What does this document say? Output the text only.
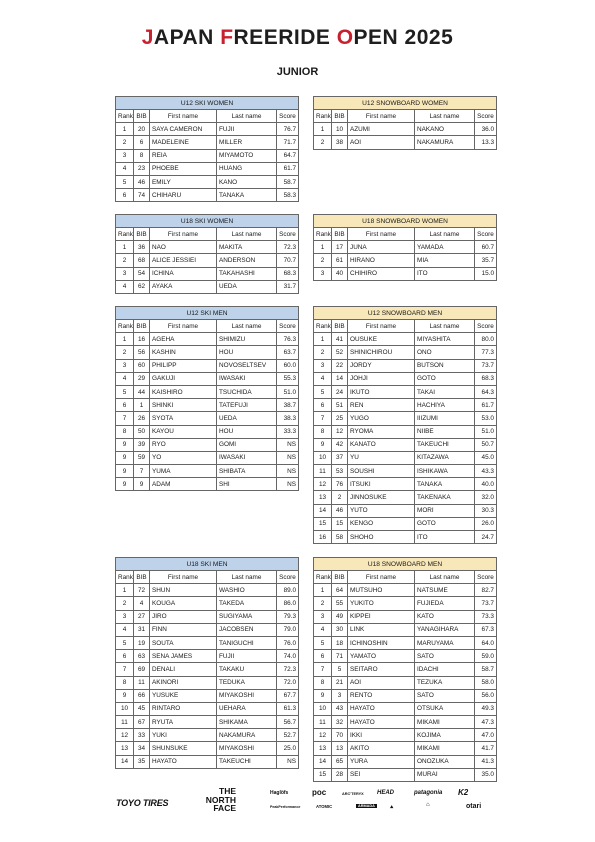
JAPAN FREERIDE OPEN 2025
JUNIOR
U12 SKI WOMEN				
Rank	BIB	First name	Last name	Score
1	20	SAYA CAMERON	FUJII	76.7
2	6	MADELEINE	MILLER	71.7
3	8	REIA	MIYAMOTO	64.7
4	23	PHOEBE	HUANG	61.7
5	46	EMILY	KANO	58.7
6	74	CHIHARU	TANAKA	58.3
U12 SNOWBOARD WOMEN				
Rank	BIB	First name	Last name	Score
1	10	AZUMI	NAKANO	36.0
2	38	AOI	NAKAMURA	13.3
U18 SKI WOMEN				
Rank	BIB	First name	Last name	Score
1	36	NAO	MAKITA	72.3
2	68	ALICE JESSIEI	ANDERSON	70.7
3	54	ICHINA	TAKAHASHI	68.3
4	62	AYAKA	UEDA	31.7
U18 SNOWBOARD WOMEN				
Rank	BIB	First name	Last name	Score
1	17	JUNA	YAMADA	60.7
2	61	HIRANO	MIA	35.7
3	40	CHIHIRO	ITO	15.0
U12 SKI MEN				
Rank	BIB	First name	Last name	Score
1	16	AGEHA	SHIMIZU	76.3
2	56	KASHIN	HOU	63.7
3	60	PHILIPP	NOVOSELTSEV	60.0
4	29	GAKUJI	IWASAKI	55.3
5	44	KAISHIRO	TSUCHIDA	51.0
6	1	SHINKI	TATEFUJI	38.7
7	26	SYOTA	UEDA	38.3
8	50	KAYOU	HOU	33.3
9	39	RYO	GOMI	NS
9	59	YO	IWASAKI	NS
9	7	YUMA	SHIBATA	NS
9	9	ADAM	SHI	NS
U12 SNOWBOARD MEN				
Rank	BIB	First name	Last name	Score
1	41	OUSUKE	MIYASHITA	80.0
2	52	SHINICHIROU	ONO	77.3
3	22	JORDY	BUTSON	73.7
4	14	JOHJI	GOTO	68.3
5	24	IKUTO	TAKAI	64.3
6	51	REN	HACHIYA	61.7
7	25	YUGO	IIIZUMI	53.0
8	12	RYOMA	NIIBE	51.0
9	42	KANATO	TAKEUCHI	50.7
10	37	YU	KITAZAWA	45.0
11	53	SOUSHI	ISHIKAWA	43.3
12	76	ITSUKI	TANAKA	40.0
13	2	JINNOSUKE	TAKENAKA	32.0
14	46	YUTO	MORI	30.3
15	15	KENGO	GOTO	26.0
16	58	SHOHO	ITO	24.7
U18 SKI MEN				
Rank	BIB	First name	Last name	Score
1	72	SHUN	WASHIO	89.0
2	4	KOUGA	TAKEDA	86.0
3	27	JIRO	SUGIYAMA	79.3
4	31	FINN	JACOBSEN	79.0
5	19	SOUTA	TANIGUCHI	76.0
6	63	SENA JAMES	FUJII	74.0
7	69	DENALI	TAKAKU	72.3
8	11	AKINORI	TEDUKA	72.0
9	66	YUSUKE	MIYAKOSHI	67.7
10	45	RINTARO	UEHARA	61.3
11	67	RYUTA	SHIKAMA	56.7
12	33	YUKI	NAKAMURA	52.7
13	34	SHUNSUKE	MIYAKOSHI	25.0
14	35	HAYATO	TAKEUCHI	NS
U18 SNOWBOARD MEN				
Rank	BIB	First name	Last name	Score
1	64	MUTSUHO	NATSUME	82.7
2	55	YUKITO	FUJIEDA	73.7
3	49	KIPPEI	KATO	73.3
4	30	LINK	YANAGIHARA	67.3
5	18	ICHINOSHIN	MARUYAMA	64.0
6	71	YAMATO	SATO	59.0
7	5	SEITARO	IDACHI	58.7
8	21	AOI	TEZUKA	58.0
9	3	RENTO	SATO	56.0
10	43	HAYATO	OTSUKA	49.3
11	32	HAYATO	MIKAMI	47.3
12	70	IKKI	KOJIMA	47.0
13	13	AKITO	MIKAMI	41.7
14	65	YURA	ONOZUKA	41.3
15	28	SEI	MURAI	35.0
TOYO TIRES
THE
NORTH
FACE
Haglöfs
PeakPerformance
poc
ATOMIC
ARC'TERYX
ARMADA
HEAD	patagonia K2
otari
⛰	⌂
